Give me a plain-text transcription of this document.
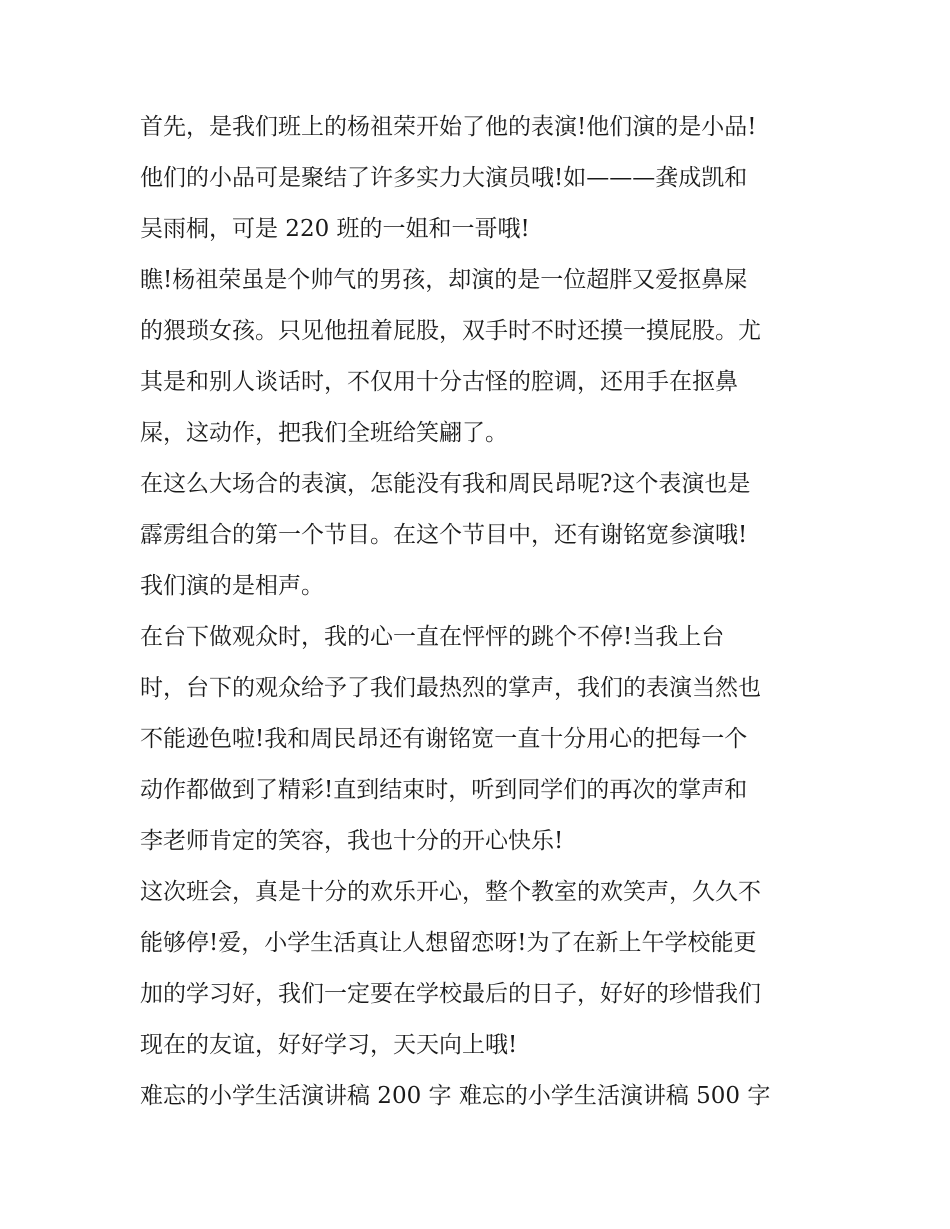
首先，是我们班上的杨祖荣开始了他的表演!他们演的是小品!
他们的小品可是聚结了许多实力大演员哦!如———龚成凯和
吴雨桐，可是 220 班的一姐和一哥哦!

瞧!杨祖荣虽是个帅气的男孩，却演的是一位超胖又爱抠鼻屎
的猥琐女孩。只见他扭着屁股，双手时不时还摸一摸屁股。尤
其是和别人谈话时，不仅用十分古怪的腔调，还用手在抠鼻
屎，这动作，把我们全班给笑翩了。

在这么大场合的表演，怎能没有我和周民昂呢?这个表演也是
霹雳组合的第一个节目。在这个节目中，还有谢铭宽参演哦!
我们演的是相声。

在台下做观众时，我的心一直在怦怦的跳个不停!当我上台
时，台下的观众给予了我们最热烈的掌声，我们的表演当然也
不能逊色啦!我和周民昂还有谢铭宽一直十分用心的把每一个
动作都做到了精彩!直到结束时，听到同学们的再次的掌声和
李老师肯定的笑容，我也十分的开心快乐!

这次班会，真是十分的欢乐开心，整个教室的欢笑声，久久不
能够停!爱，小学生活真让人想留恋呀!为了在新上午学校能更
加的学习好，我们一定要在学校最后的日子，好好的珍惜我们
现在的友谊，好好学习，天天向上哦!

难忘的小学生活演讲稿 200 字 难忘的小学生活演讲稿 500 字
